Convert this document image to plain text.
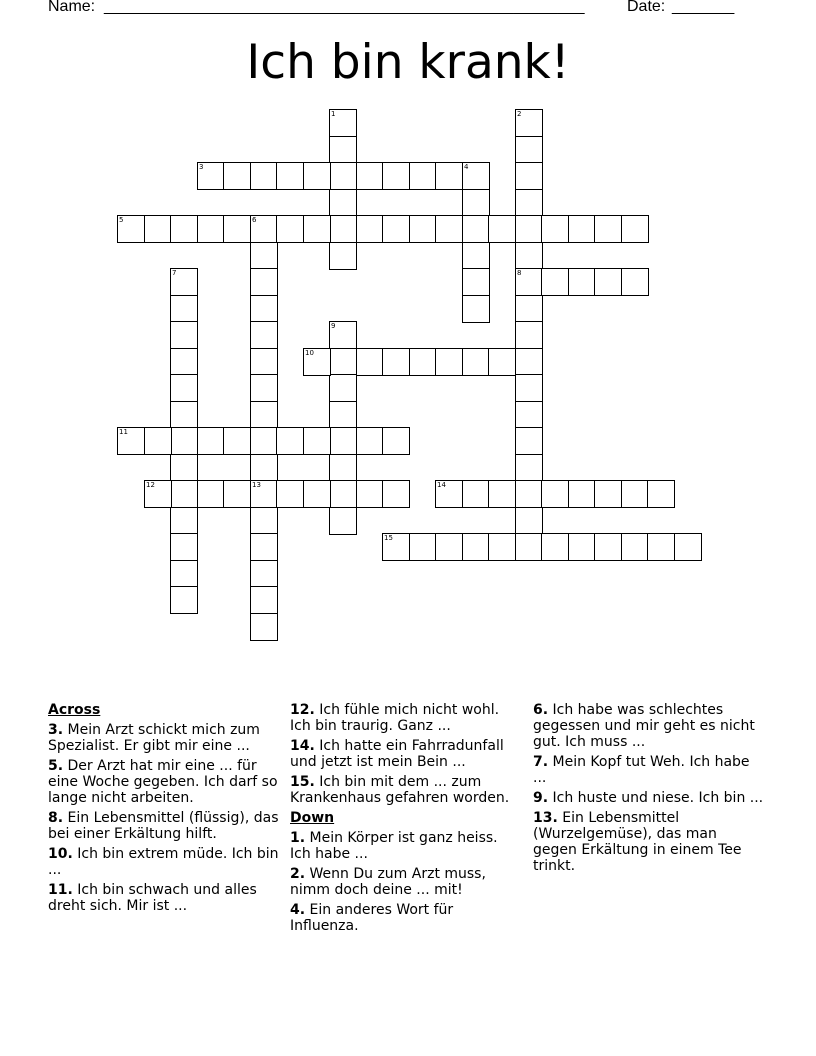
Name:

______________________________________________________

	Date:

_______

Ich bin krank!
1	2
8
3	4
5	6
13
7
9
10
11
12	14
15
Across
3. Mein Arzt schickt mich zum Spezialist. Er gibt mir eine ...
5. Der Arzt hat mir eine ... für eine Woche gegeben. Ich darf so lange nicht arbeiten.
8. Ein Lebensmittel (flüssig), das bei einer Erkältung hilft.
10. Ich bin extrem müde. Ich bin ...
11. Ich bin schwach und alles dreht sich. Mir ist ...
12. Ich fühle mich nicht wohl. Ich bin traurig. Ganz ...
14. Ich hatte ein Fahrradunfall und jetzt ist mein Bein ...
15. Ich bin mit dem ... zum Krankenhaus gefahren worden.
Down
1. Mein Körper ist ganz heiss. Ich habe ...
2. Wenn Du zum Arzt muss, nimm doch deine ... mit!
4. Ein anderes Wort für Influenza.
6. Ich habe was schlechtes gegessen und mir geht es nicht gut. Ich muss ...
7. Mein Kopf tut Weh. Ich habe ...
9. Ich huste und niese. Ich bin ...
13. Ein Lebensmittel (Wurzelgemüse), das man gegen Erkältung in einem Tee trinkt.
